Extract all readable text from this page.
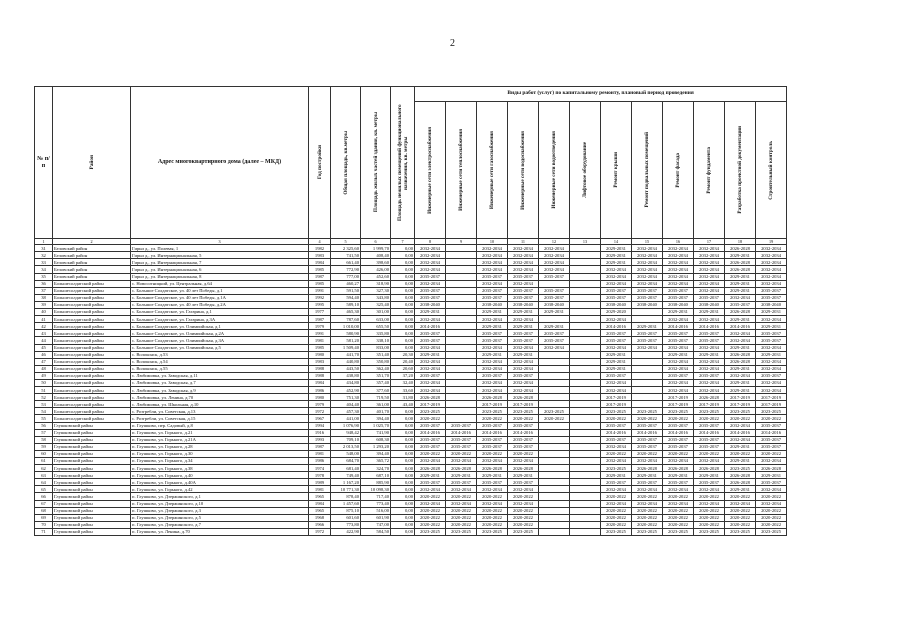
2
№ п/п	Район	Адрес многоквартирного дома (далее – МКД)	Год постройки	Общая площадь, кв.метры	Площадь жилых частей здания, кв. метры	Площадь нежилых помещений функционального назначения, кв. метры	Виды работ (услуг) по капитальному ремонту, плановый период проведения											

							Инженерные сети электроснабжения	Инженерные сети теплоснабжения	Инженерные сети газоснабжения	Инженерные сети водоснабжения	Инженерные сети водоотведения	Лифтовое оборудование	Ремонт крыши	Ремонт подвальных помещений	Ремонт фасада	Ремонт фундамента	Разработка проектной документации	Строительный контроль

1	2	3	4	5	6	7	8	9	10	11	12	13	14	15	16	17	18	19
31	Беловский район	Гирьи д., ул. Полевая, 1	1982	2 325,60	1 999,70	0,00	2032-2034		2032-2034	2032-2034	2032-2034		2029-2031	2032-2034	2032-2034	2032-2034	2026-2028	2032-2034
32	Беловский район	Гирьи д., ул. Интернациональная, 5	1983	741,50	408,40	0,00	2032-2034		2032-2034	2032-2034	2032-2034		2029-2031	2032-2034	2032-2034	2032-2034	2029-2031	2032-2034
33	Беловский район	Гирьи д., ул. Интернациональная, 7	1984	661,40	398,60	0,00	2032-2034		2032-2034	2032-2034	2032-2034		2029-2031	2032-2034	2032-2034	2032-2034	2026-2028	2032-2034
34	Беловский район	Гирьи д., ул. Интернациональная, 6	1985	772,90	426,00	0,00	2032-2034		2032-2034	2032-2034	2032-2034		2032-2034	2032-2034	2032-2034	2032-2034	2026-2028	2032-2034
35	Беловский район	Гирьи д., ул. Интернациональная, 8	1987	777,00	452,60	0,00	2035-2037		2035-2037	2035-2037	2035-2037		2032-2034	2032-2034	2032-2034	2032-2034	2029-2031	2032-2034
36	Большесолдатский район	с. Новосотницкий, ул. Центральная, д.64	1985	460,27	318,90	0,00	2032-2034		2032-2034	2032-2034			2032-2034	2032-2034	2032-2034	2032-2034	2029-2031	2032-2034
37	Большесолдатский район	с. Большое Солдатское, ул. 40 лет Победы, д.1	1991	591,50	327,30	0,00	2035-2037		2035-2037	2035-2037	2035-2037		2035-2037	2035-2037	2035-2037	2032-2034	2029-2031	2035-2037
38	Большесолдатский район	с. Большое Солдатское, ул. 40 лет Победы, д.1А	1992	594,40	343,80	0,00	2035-2037		2035-2037	2035-2037	2035-2037		2035-2037	2035-2037	2035-2037	2035-2037	2032-2034	2035-2037
39	Большесолдатский район	с. Большое Солдатское, ул. 40 лет Победы, д.2А	1995	589,10	325,40	0,00	2038-2040		2038-2040	2038-2040	2038-2040		2038-2040	2038-2040	2038-2040	2038-2040	2035-2037	2038-2040
40	Большесолдатский район	с. Большое Солдатское, ул. Гагарина, д.1	1977	465,30	301,00	0,00	2029-2031		2029-2031	2029-2031	2029-2031		2029-2020		2029-2031	2029-2031	2026-2028	2029-2031
41	Большесолдатский район	с. Большое Солдатское, ул. Гагарина, д.3А	1987	787,60	633,00	0,00	2032-2034		2032-2034	2032-2034			2032-2034		2032-2034	2032-2034	2029-2031	2032-2034
42	Большесолдатский район	с. Большое Солдатское, ул. Олимпийская, д.1	1979	1 010,00	655,50	0,00	2014-2016		2029-2031	2029-2031	2029-2031		2014-2016	2029-2031	2014-2016	2014-2016	2014-2016	2029-2031
43	Большесолдатский район	с. Большое Солдатское, ул. Олимпийская, д.2А	1991	580,90	335,80	0,00	2035-2037		2035-2037	2035-2037	2035-2037		2035-2037	2035-2037	2035-2037	2035-2037	2032-2034	2035-2037
44	Большесолдатский район	с. Большое Солдатское, ул. Олимпийская, д.3А	1981	581,20	338,10	0,00	2035-2037		2035-2037	2035-2037	2035-2037		2035-2037	2035-2037	2035-2037	2035-2037	2032-2034	2035-2037
45	Большесолдатский район	с. Большое Солдатское, ул. Олимпийская, д.5	1985	1 509,40	833,00	0,00	2032-2034		2032-2034	2032-2034	2032-2034		2032-2034	2032-2034	2032-2034	2032-2034	2029-2031	2032-2034
46	Большесолдатский район	с. Волоконск, д.53	1980	441,70	351,40	20,30	2029-2031		2029-2031	2029-2031			2029-2031		2029-2031	2029-2031	2026-2028	2029-2031
47	Большесолдатский район	с. Волоконск, д.54	1983	440,80	350,80	20,40	2032-2034		2032-2034	2032-2034			2029-2031		2032-2034	2032-2034	2026-2028	2032-2034
48	Большесолдатский район	с. Волоконск, д.55	1988	443,50	362,40	20,60	2032-2034		2032-2034	2032-2034			2029-2031		2032-2034	2032-2034	2029-2031	2032-2034
49	Большесолдатский район	с. Любимовка, ул. Заводская, д.11	1988	438,80	351,70	37,20	2035-2037		2035-2037	2035-2037			2035-2037		2035-2037	2035-2037	2032-2034	2035-2037
50	Большесолдатский район	с. Любимовка, ул. Заводская, д.7	1984	434,80	357,40	32,40	2032-2034		2032-2034	2032-2034			2032-2034		2032-2034	2032-2034	2029-2031	2032-2034
51	Большесолдатский район	с. Любимовка, ул. Заводская, д.9	1986	452,90	377,60	33,60	2032-2034		2032-2034	2032-2034			2032-2034		2032-2034	2032-2034	2029-2031	2032-2034
52	Большесолдатский район	с. Любимовка, ул. Ленина, д.70	1980	751,30	719,50	31,80	2026-2028		2026-2028	2026-2028			2017-2019		2017-2019	2026-2028	2017-2019	2017-2019
53	Большесолдатский район	с. Любимовка, ул. Школьная, д.10	1979	404,40	361,00	43,40	2017-2019		2017-2019	2017-2019			2017-2019		2017-2019	2017-2019	2017-2019	2017-2019
54	Большесолдатский район	с. Розгребли, ул. Советская, д.13	1972	457,30	401,70	0,00	2023-2025		2023-2025	2023-2025	2023-2025		2023-2025	2023-2025	2023-2025	2023-2025	2023-2025	2023-2025
55	Большесолдатский район	с. Розгребли, ул. Советская, д.15	1967	441,00	394,40	0,00	2020-2022		2020-2022	2020-2022	2020-2022		2020-2022	2020-2022	2020-2022	2020-2022	2020-2022	2020-2022
56	Глушковский район	п. Глушково, пер. Садовый, д.8	1994	1 076,90	1 025,70	0,00	2035-2037	2035-2037	2035-2037	2035-2037			2035-2037	2035-2037	2035-2037	2035-2037	2032-2034	2035-2037
57	Глушковский район	п. Глушково, ул. Горького, д.21	1916	948,42	741,90	0,00	2014-2016	2014-2016	2014-2016	2014-2016			2014-2016	2014-2016	2014-2016	2014-2016	2014-2016	2014-2016
58	Глушковский район	п. Глушково, ул. Горького, д.21А	1993	709,10	608,30	0,00	2035-2037	2035-2037	2035-2037	2035-2037			2035-2037	2035-2037	2035-2037	2035-2037	2032-2034	2035-2037
59	Глушковский район	п. Глушково, ул. Горького, д.28	1987	2 013,50	1 293,20	0,00	2035-2037	2035-2037	2035-2037	2035-2037			2032-2034	2035-2037	2035-2037	2035-2037	2029-2031	2035-2037
60	Глушковский район	п. Глушково, ул. Горького, д.30	1981	548,00	394,40	0,00	2020-2022	2020-2022	2020-2022	2020-2022			2020-2022	2020-2022	2020-2022	2020-2022	2020-2022	2020-2022
61	Глушковский район	п. Глушково, ул. Горького, д.34	1986	684,70	365,72	0,00	2032-2034	2032-2034	2032-2034	2032-2034			2032-2034	2032-2034	2032-2034	2032-2034	2029-2031	2032-2034
62	Глушковский район	п. Глушково, ул. Горького, д.38	1974	681,40	324,70	0,00	2026-2028	2026-2028	2026-2028	2026-2028			2023-2025	2026-2028	2026-2028	2026-2028	2023-2025	2026-2028
63	Глушковский район	п. Глушково, ул. Горького, д.40	1978	749,40	687,10	0,00	2029-2031	2029-2031	2029-2031	2029-2031			2029-2031	2029-2031	2029-2031	2029-2031	2026-2028	2029-2031
64	Глушковский район	п. Глушково, ул. Горького, д.40А	1989	1 167,20	885,90	0,00	2035-2037	2035-2037	2035-2037	2035-2037			2035-2037	2035-2037	2035-2037	2035-2037	2026-2028	2035-2037
65	Глушковский район	п. Глушково, ул. Горького, д.42	1981	10 771,30	10 098,30	0,00	2032-2034	2032-2034	2032-2034	2032-2034			2032-2034	2032-2034	2032-2034	2032-2034	2029-2031	2032-2034
66	Глушковский район	п. Глушково, ул. Дзержинского, д.1	1965	878,40	717,40	0,00	2020-2022	2020-2022	2020-2022	2020-2022			2020-2022	2020-2022	2020-2022	2020-2022	2020-2022	2020-2022
67	Глушковский район	п. Глушково, ул. Дзержинского, д.10	1984	1 457,60	773,40	0,00	2032-2034	2032-2034	2032-2034	2032-2034			2032-2034	2032-2034	2032-2034	2032-2034	2032-2034	2032-2034
68	Глушковский район	п. Глушково, ул. Дзержинского, д.3	1965	875,10	516,00	0,00	2020-2022	2020-2022	2020-2022	2020-2022			2020-2022	2020-2022	2020-2022	2020-2022	2020-2022	2020-2022
69	Глушковский район	п. Глушково, ул. Дзержинского, д.5	1968	601,60	601,90	0,00	2020-2022	2020-2022	2020-2022	2020-2022			2020-2022	2020-2022	2020-2022	2020-2022	2020-2022	2020-2022
70	Глушковский район	п. Глушково, ул. Дзержинского, д.7	1966	773,80	747,00	0,00	2020-2022	2020-2022	2020-2022	2020-2022			2020-2022	2020-2022	2020-2022	2020-2022	2020-2022	2020-2022
71	Глушковский район	п. Глушково, ул. Ленина, д.70	1972	422,90	584,50	0,00	2023-2025	2023-2025	2023-2025	2023-2025			2023-2025	2023-2025	2023-2025	2023-2025	2023-2025	2023-2025
